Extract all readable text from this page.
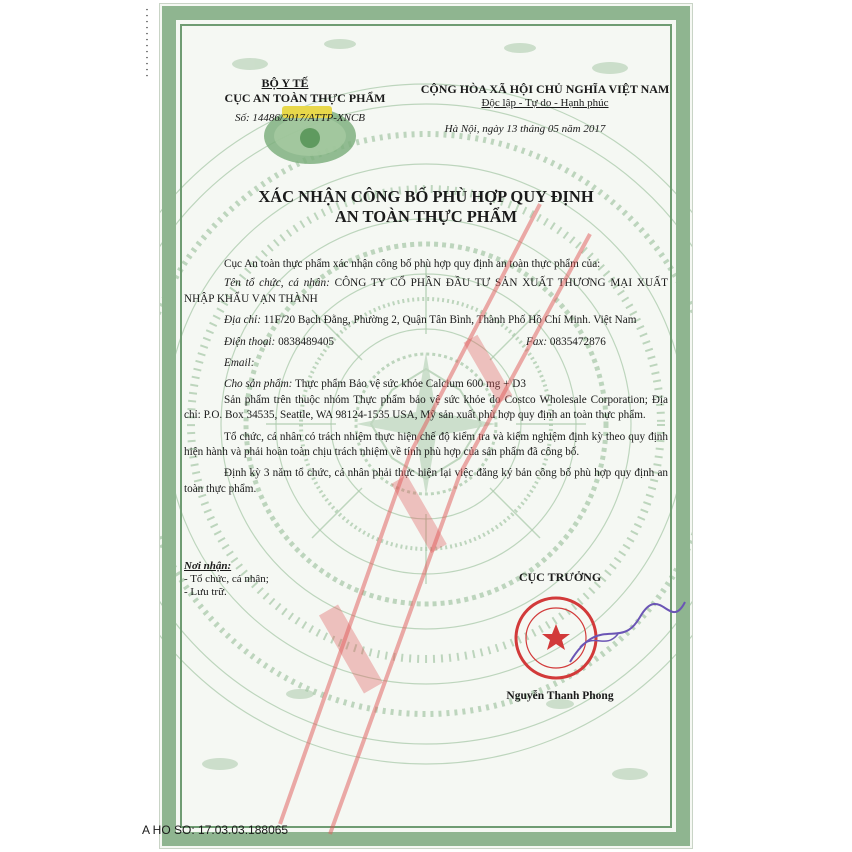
▪▪▪▪▪▪▪▪▪▪▪▪
BỘ Y TẾ
CỤC AN TOÀN THỰC PHẨM
Số: 14486/2017/ATTP-XNCB
CỘNG HÒA XÃ HỘI CHỦ NGHĨA VIỆT NAM
Độc lập - Tự do - Hạnh phúc
Hà Nội, ngày 13 tháng 05 năm 2017
XÁC NHẬN CÔNG BỐ PHÙ HỢP QUY ĐỊNH
AN TOÀN THỰC PHẨM

Cục An toàn thực phẩm xác nhận công bố phù hợp quy định an toàn thực phẩm của:

Tên tổ chức, cá nhân: CÔNG TY CỔ PHẦN ĐẦU TƯ SẢN XUẤT THƯƠNG MẠI XUẤT NHẬP KHẨU VẠN THÀNH

Địa chỉ: 11F/20 Bạch Đằng, Phường 2, Quận Tân Bình, Thành Phố Hồ Chí Minh. Việt Nam

Điện thoại: 0838489405	Fax: 0835472876

Email:

Cho sản phẩm: Thực phẩm Bảo vệ sức khỏe Calcium 600 mg + D3

Sản phẩm trên thuộc nhóm Thực phẩm bảo vệ sức khỏe do Costco Wholesale Corporation; Địa chỉ: P.O. Box 34535, Seattle, WA 98124-1535 USA, Mỹ sản xuất phù hợp quy định an toàn thực phẩm.

Tổ chức, cá nhân có trách nhiệm thực hiện chế độ kiểm tra và kiểm nghiệm định kỳ theo quy định hiện hành và phải hoàn toàn chịu trách nhiệm về tính phù hợp của sản phẩm đã công bố.

Định kỳ 3 năm tổ chức, cá nhân phải thực hiện lại việc đăng ký bản công bố phù hợp quy định an toàn thực phẩm.

Nơi nhận:
- Tổ chức, cá nhân;
- Lưu trữ.
CỤC TRƯỞNG
Nguyễn Thanh Phong
A HO SO: 17.03.03.188065
